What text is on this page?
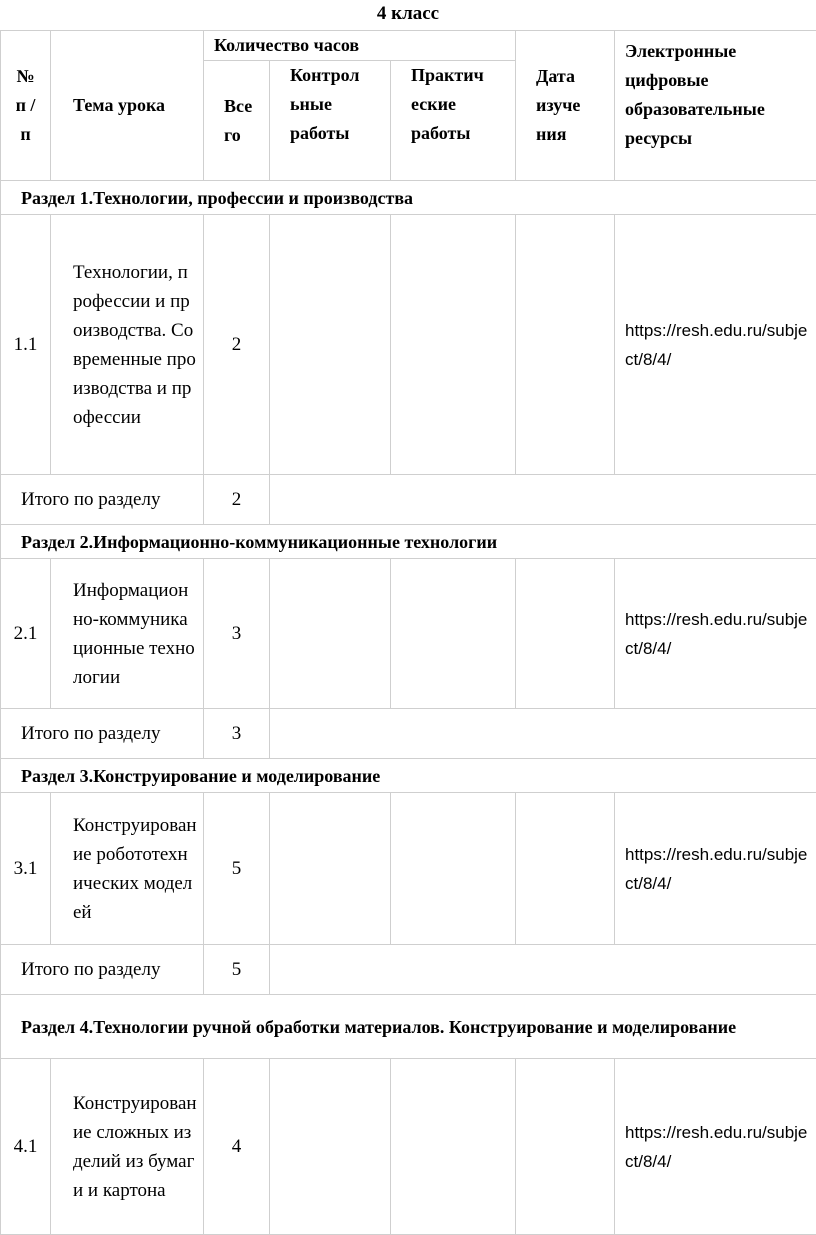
4 класс
№ п / п	Тема урока	Количество часов			Дата изуче ния	Электронные цифровые образовательные ресурсы

		Все го	Контрол ьные работы	Практич еские работы		

Раздел 1.Технологии, профессии и производства						
1.1	Технологии, профессии и производства. Современные производства и профессии	2				https://resh.edu.ru/subject/8/4/

Итого по разделу		2				
Раздел 2.Информационно-коммуникационные технологии						
2.1	Информационно-коммуникационные технологии	3				https://resh.edu.ru/subject/8/4/

Итого по разделу		3				
Раздел 3.Конструирование и моделирование						
3.1	Конструирование робототехнических моделей	5				https://resh.edu.ru/subject/8/4/

Итого по разделу		5				
Раздел 4.Технологии ручной обработки материалов. Конструирование и моделирование						
4.1	Конструирование сложных изделий из бумаги и картона	4				https://resh.edu.ru/subject/8/4/
